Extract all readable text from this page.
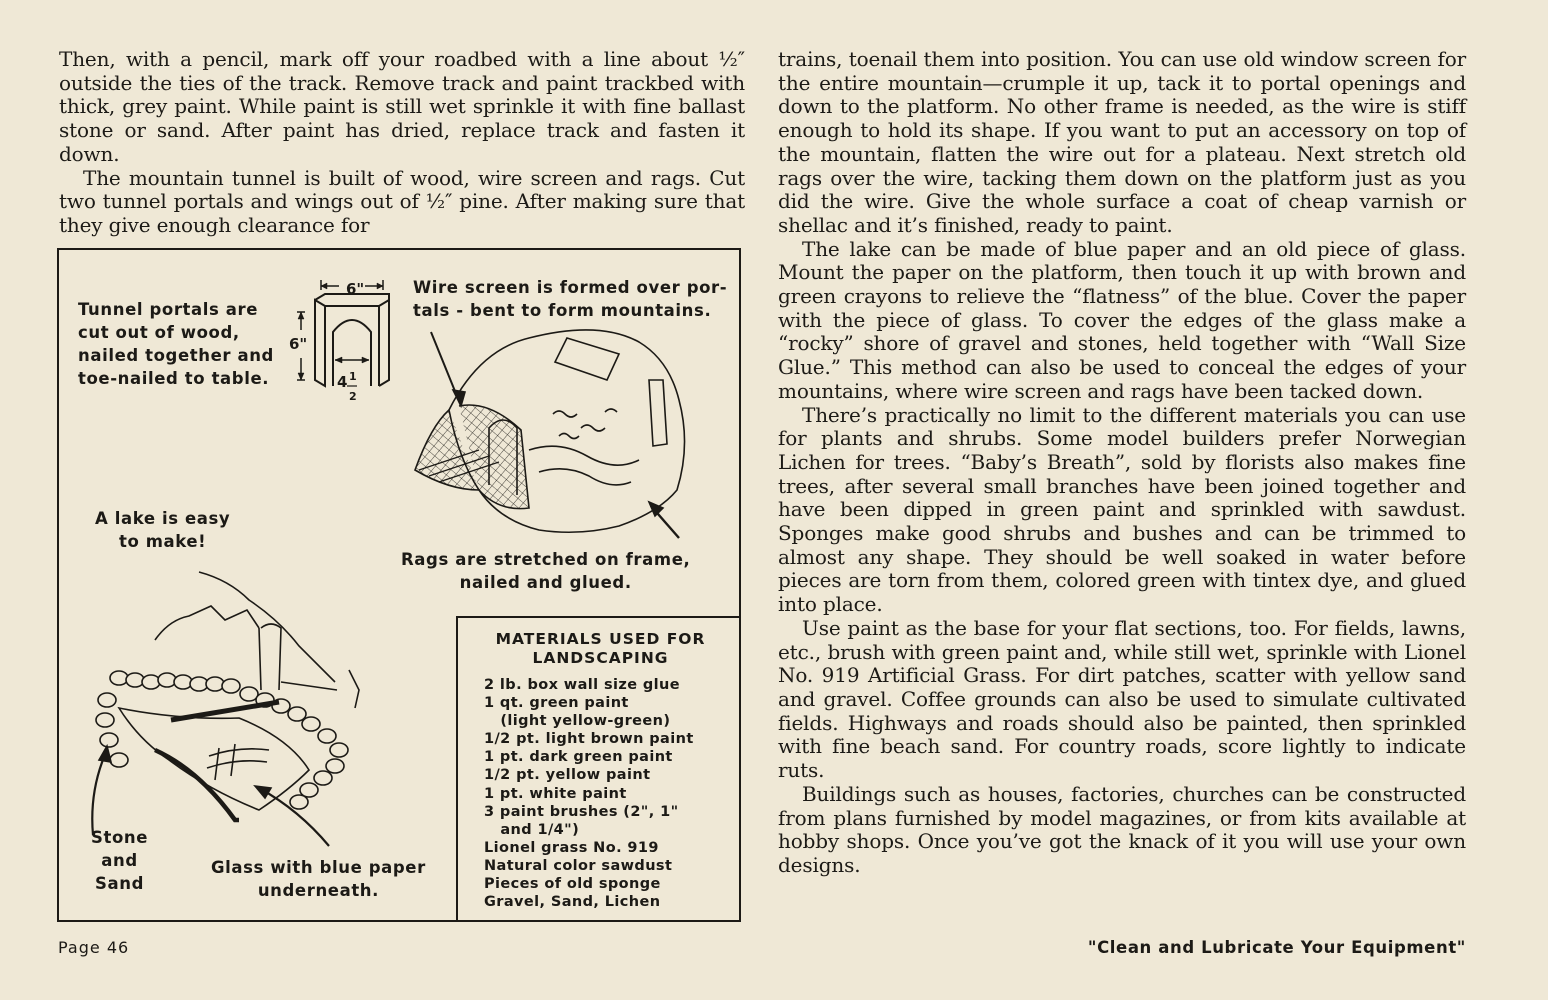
Then, with a pencil, mark off your roadbed with a line about ½″ outside the ties of the track. Remove track and paint trackbed with thick, grey paint. While paint is still wet sprinkle it with fine ballast stone or sand. After paint has dried, replace track and fasten it down.

The mountain tunnel is built of wood, wire screen and rags. Cut two tunnel portals and wings out of ½″ pine. After making sure that they give enough clearance for

6"
6"
4 1
2
Tunnel portals are
cut out of wood,
nailed together and
toe-nailed to table.
Wire screen is formed over por-
tals - bent to form mountains.
Rags are stretched on frame,
nailed and glued.
A lake is easy
to make!
Stone
and
Sand
Glass with blue paper
underneath.
MATERIALS USED FOR
LANDSCAPING
2 lb. box wall size glue
1 qt. green paint
(light yellow-green)
1/2 pt. light brown paint
1 pt. dark green paint
1/2 pt. yellow paint
1 pt. white paint
3 paint brushes (2", 1"
and 1/4")
Lionel grass No. 919
Natural color sawdust
Pieces of old sponge
Gravel, Sand, Lichen

trains, toenail them into position. You can use old window screen for the entire mountain—crumple it up, tack it to portal openings and down to the platform. No other frame is needed, as the wire is stiff enough to hold its shape. If you want to put an accessory on top of the mountain, flatten the wire out for a plateau. Next stretch old rags over the wire, tacking them down on the platform just as you did the wire. Give the whole surface a coat of cheap varnish or shellac and it’s finished, ready to paint.

The lake can be made of blue paper and an old piece of glass. Mount the paper on the platform, then touch it up with brown and green crayons to relieve the “flatness” of the blue. Cover the paper with the piece of glass. To cover the edges of the glass make a “rocky” shore of gravel and stones, held together with “Wall Size Glue.” This method can also be used to conceal the edges of your mountains, where wire screen and rags have been tacked down.

There’s practically no limit to the different materials you can use for plants and shrubs. Some model builders prefer Norwegian Lichen for trees. “Baby’s Breath”, sold by florists also makes fine trees, after several small branches have been joined together and have been dipped in green paint and sprinkled with sawdust. Sponges make good shrubs and bushes and can be trimmed to almost any shape. They should be well soaked in water before pieces are torn from them, colored green with tintex dye, and glued into place.

Use paint as the base for your flat sections, too. For fields, lawns, etc., brush with green paint and, while still wet, sprinkle with Lionel No. 919 Artificial Grass. For dirt patches, scatter with yellow sand and gravel. Coffee grounds can also be used to simulate cultivated fields. Highways and roads should also be painted, then sprinkled with fine beach sand. For country roads, score lightly to indicate ruts.

Buildings such as houses, factories, churches can be constructed from plans furnished by model magazines, or from kits available at hobby shops. Once you’ve got the knack of it you will use your own designs.

Page 46	"Clean and Lubricate Your Equipment"
